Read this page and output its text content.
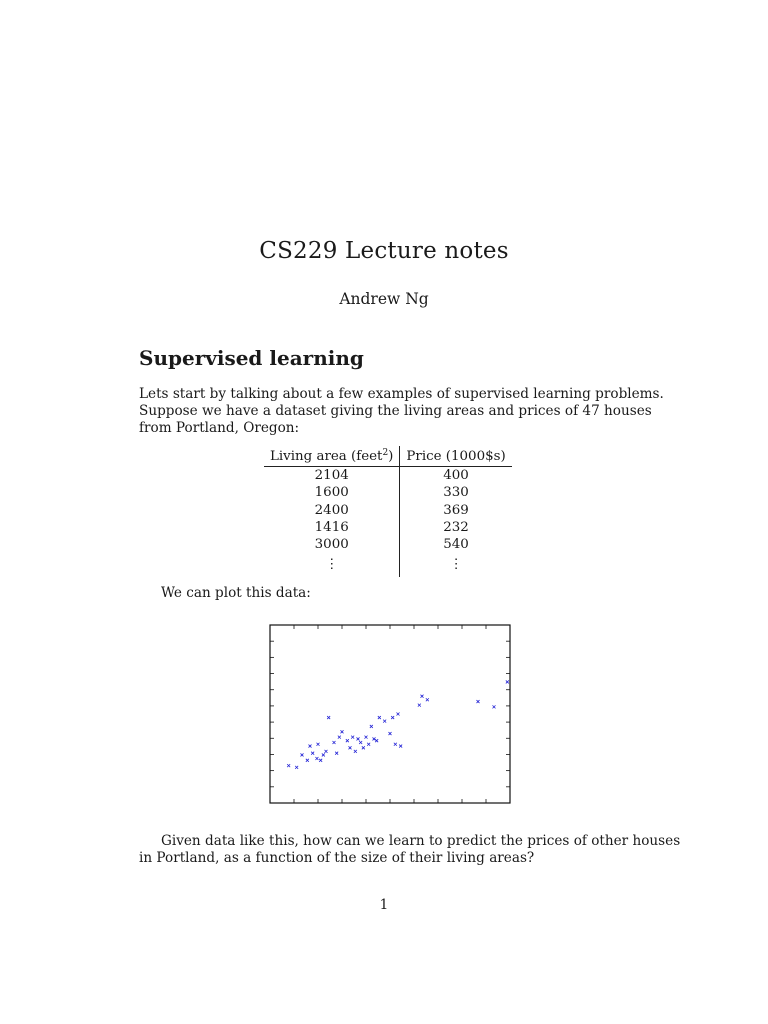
CS229 Lecture notes
Andrew Ng
Supervised learning
Lets start by talking about a few examples of supervised learning problems.
Suppose we have a dataset giving the living areas and prices of 47 houses
from Portland, Oregon:
Living area (feet$^2$)	Price (1000$s)
2104	400
1600	330
2400	369
1416	232
3000	540
⋮	⋮
We can plot this data:
Given data like this, how can we learn to predict the prices of other houses
in Portland, as a function of the size of their living areas?
1
